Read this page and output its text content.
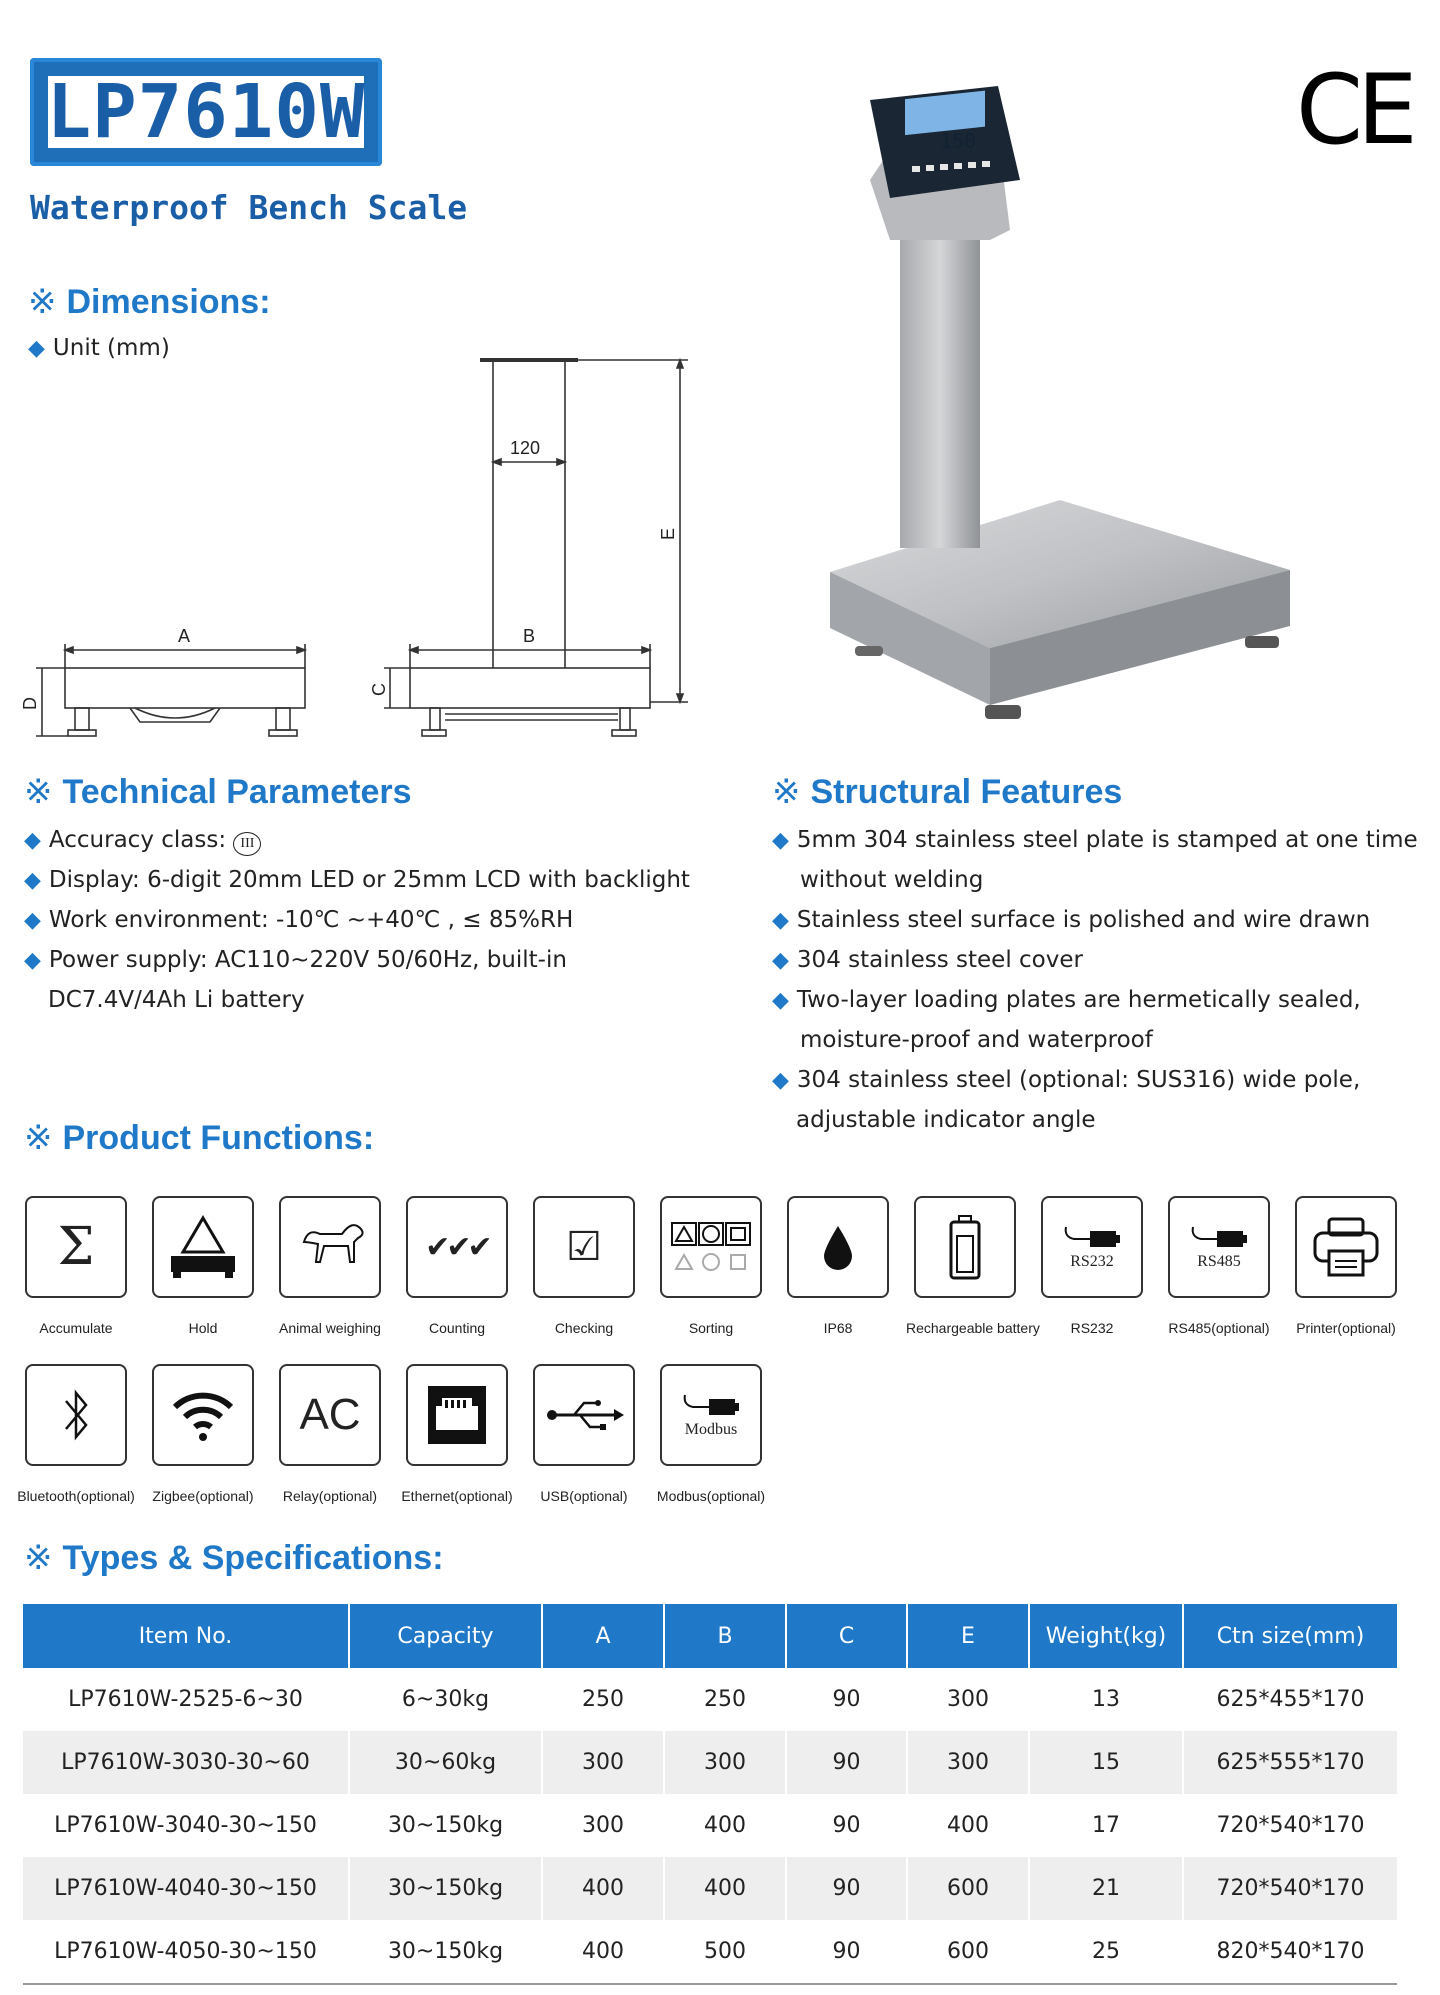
LP7610W
Waterproof Bench Scale
CE
※ Dimensions:
◆ Unit (mm)
A	B
120
D
C
E
150
※ Technical Parameters
◆ Accuracy class: III
◆ Display: 6-digit 20mm LED or 25mm LCD with backlight
◆ Work environment: -10℃ ~+40℃ , ≤ 85%RH
◆ Power supply: AC110~220V 50/60Hz, built-in
DC7.4V/4Ah Li battery
※ Structural Features
◆ 5mm 304 stainless steel plate is stamped at one time
without welding
◆ Stainless steel surface is polished and wire drawn
◆ 304 stainless steel cover
◆ Two-layer loading plates are hermetically sealed,
moisture-proof and waterproof
◆ 304 stainless steel (optional: SUS316) wide pole,
adjustable indicator angle
※ Product Functions:
Σ
Accumulate	Hold	Animal weighing
✔✔✔
Counting
☑
Checking	Sorting	IP68	Rechargeable battery
RS232
RS232
RS485
RS485(optional)	Printer(optional)
Bluetooth(optional)	Zigbee(optional)
AC
Relay(optional)	Ethernet(optional)	USB(optional)
Modbus
Modbus(optional)
※ Types & Specifications:
Item No.	Capacity	A	B	C	E	Weight(kg)	Ctn size(mm)
LP7610W-2525-6~30	6~30kg	250	250	90	300	13	625*455*170
LP7610W-3030-30~60	30~60kg	300	300	90	300	15	625*555*170
LP7610W-3040-30~150	30~150kg	300	400	90	400	17	720*540*170
LP7610W-4040-30~150	30~150kg	400	400	90	600	21	720*540*170
LP7610W-4050-30~150	30~150kg	400	500	90	600	25	820*540*170
